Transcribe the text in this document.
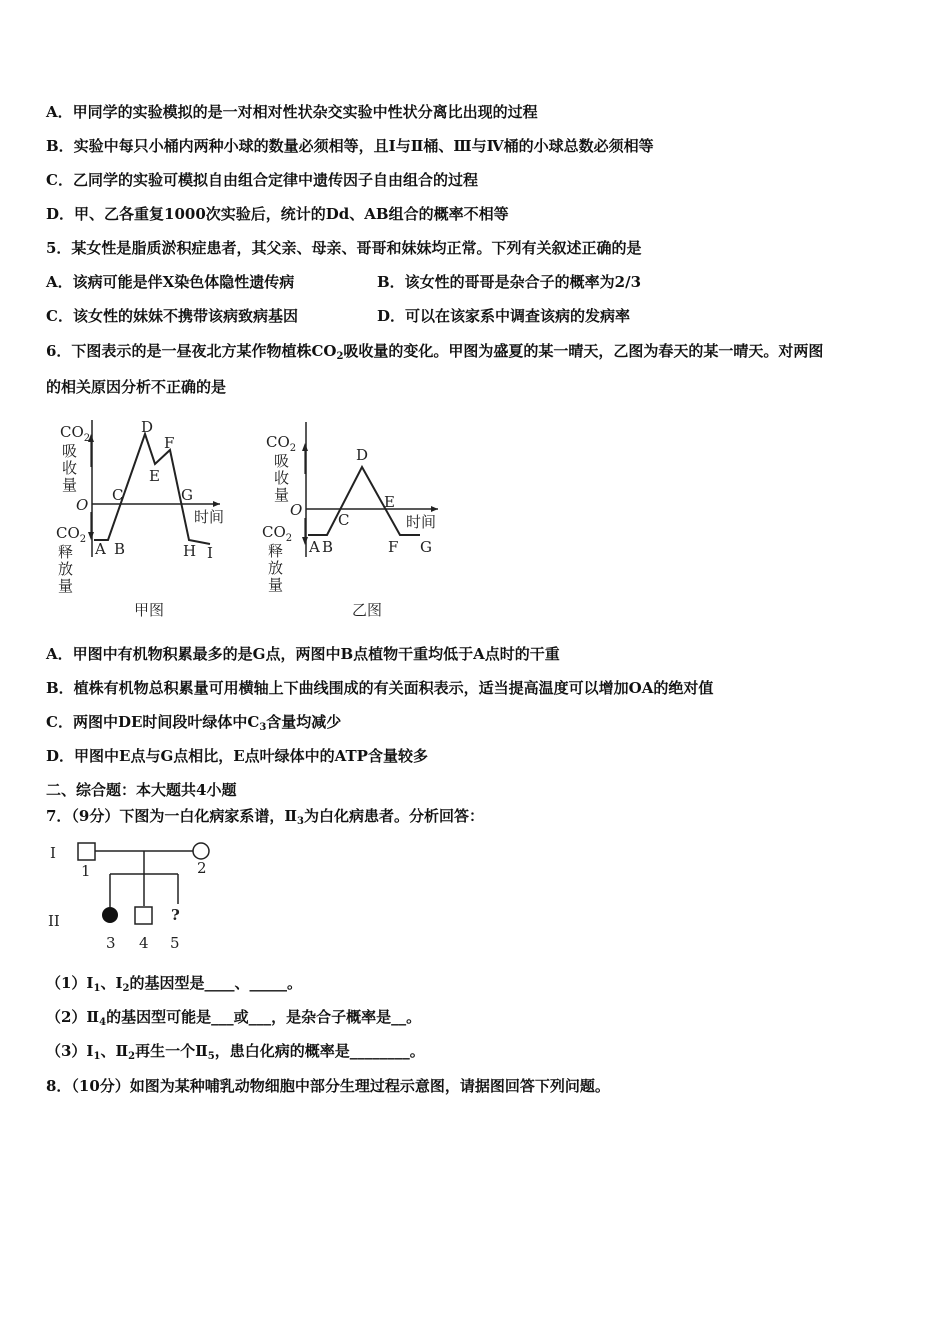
A．甲同学的实验模拟的是一对相对性状杂交实验中性状分离比出现的过程
B．实验中每只小桶内两种小球的数量必须相等，且Ⅰ与Ⅱ桶、Ⅲ与Ⅳ桶的小球总数必须相等
C．乙同学的实验可模拟自由组合定律中遗传因子自由组合的过程
D．甲、乙各重复1000次实验后，统计的Dd、AB组合的概率不相等
5．某女性是脂质淤积症患者，其父亲、母亲、哥哥和妹妹均正常。下列有关叙述正确的是
A．该病可能是伴X染色体隐性遗传病	B．该女性的哥哥是杂合子的概率为2/3
C．该女性的妹妹不携带该病致病基因	D．可以在该家系中调查该病的发病率
6．下图表示的是一昼夜北方某作物植株$CO_2$吸收量的变化。甲图为盛夏的某一晴天，乙图为春天的某一晴天。对两图
的相关原因分析不正确的是
$CO_2$
吸
收
量
O
时间
$CO_2$
释
放
量
A B
C
D
E
F
G
H I
甲图
$CO_2$
吸
收
量
O
时间
$CO_2$
释
放
量
A B
C
D
E
F G
乙图
A．甲图中有机物积累最多的是G点，两图中B点植物干重均低于A点时的干重
B．植株有机物总积累量可用横轴上下曲线围成的有关面积表示，适当提高温度可以增加OA的绝对值
C．两图中DE时间段叶绿体中$C_3$含量均减少
D．甲图中E点与G点相比，E点叶绿体中的ATP含量较多
二、综合题：本大题共4小题
7．（9分）下图为一白化病家系谱，$Ⅱ_3$为白化病患者。分析回答：
I
II
1	2
?
3 4 5
$(1)Ⅰ_1$、$Ⅰ_2$的基因型是____、_____。
$(2)Ⅱ_4$的基因型可能是___或___，是杂合子概率是__。
$(3)Ⅰ_1$、$Ⅱ_2$再生一个$Ⅱ_5$，患白化病的概率是________。
8．（10分）如图为某种哺乳动物细胞中部分生理过程示意图，请据图回答下列问题。
